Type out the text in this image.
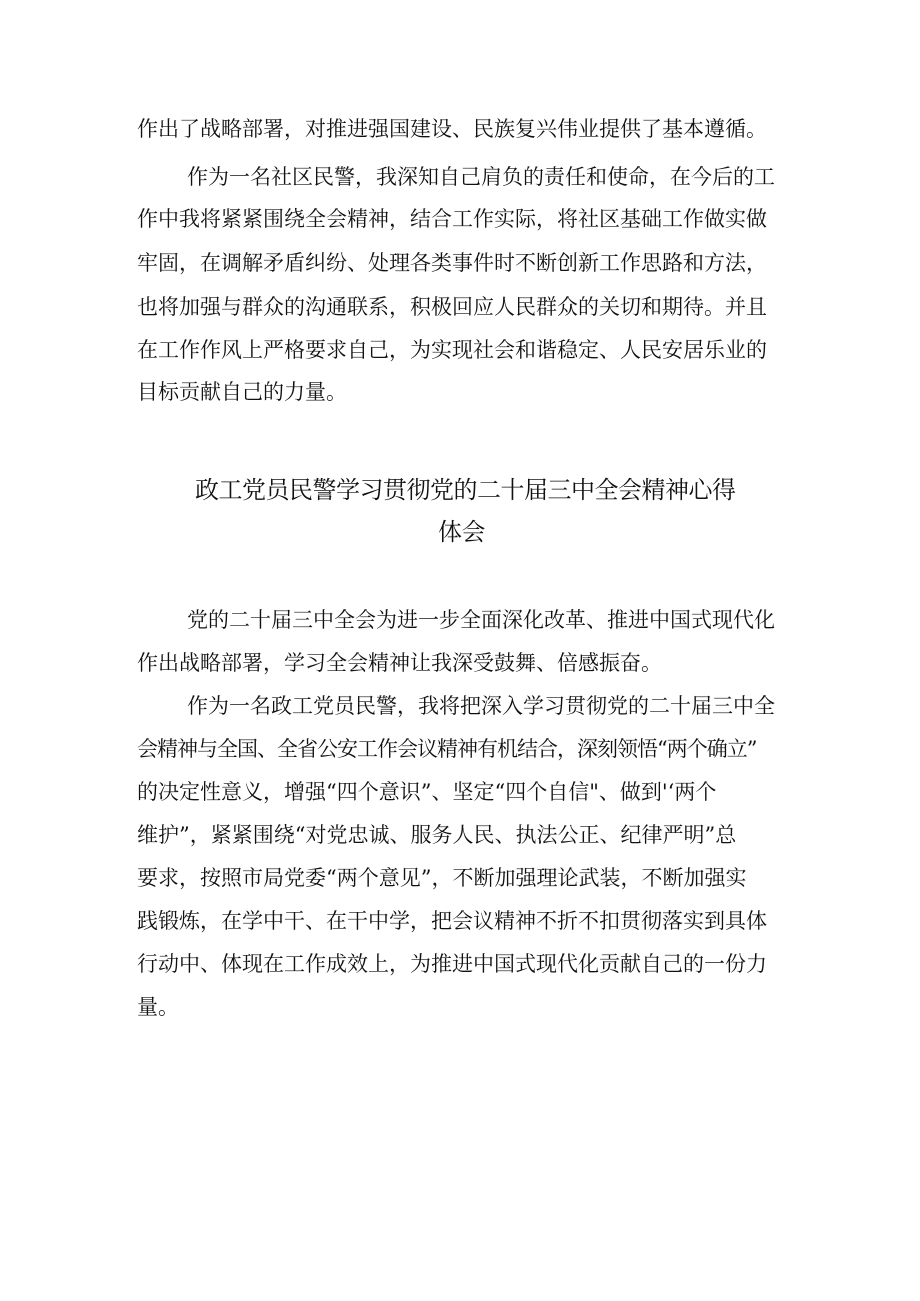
作出了战略部署，对推进强国建设、民族复兴伟业提供了基本遵循。
作为一名社区民警，我深知自己肩负的责任和使命，在今后的工
作中我将紧紧围绕全会精神，结合工作实际，将社区基础工作做实做
牢固，在调解矛盾纠纷、处理各类事件时不断创新工作思路和方法，
也将加强与群众的沟通联系，积极回应人民群众的关切和期待。并且
在工作作风上严格要求自己，为实现社会和谐稳定、人民安居乐业的
目标贡献自己的力量。
政工党员民警学习贯彻党的二十届三中全会精神心得
体会
党的二十届三中全会为进一步全面深化改革、推进中国式现代化
作出战略部署，学习全会精神让我深受鼓舞、倍感振奋。
作为一名政工党员民警，我将把深入学习贯彻党的二十届三中全
会精神与全国、全省公安工作会议精神有机结合，深刻领悟“两个确立”
的决定性意义，增强“四个意识”、坚定“四个自信"、做到'‘两个
维护”，紧紧围绕“对党忠诚、服务人民、执法公正、纪律严明”总
要求，按照市局党委“两个意见”，不断加强理论武装，不断加强实
践锻炼，在学中干、在干中学，把会议精神不折不扣贯彻落实到具体
行动中、体现在工作成效上，为推进中国式现代化贡献自己的一份力
量。
